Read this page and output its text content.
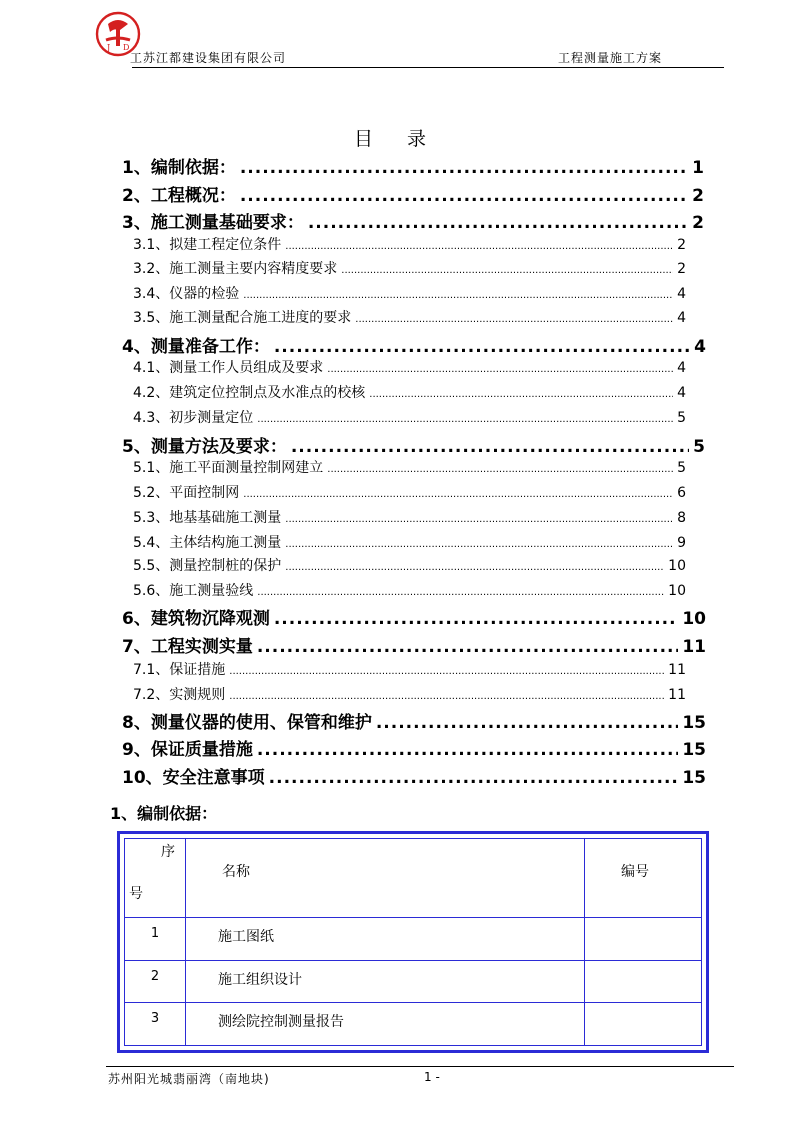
J D
工苏江都建设集团有限公司	工程测量施工方案
目 录
1、编制依据： .....	1
2、工程概况： .....	2
3、施工测量基础要求： .....	2
3.1、拟建工程定位条件 .....	2
3.2、施工测量主要内容精度要求 .....	2
3.4、仪器的检验 .....	4
3.5、施工测量配合施工进度的要求 .....	4
4、测量准备工作： .....	4
4.1、测量工作人员组成及要求 .....	4
4.2、建筑定位控制点及水准点的校核 .....	4
4.3、初步测量定位 .....	5
5、测量方法及要求： .....	5
5.1、施工平面测量控制网建立 .....	5
5.2、平面控制网 .....	6
5.3、地基基础施工测量 .....	8
5.4、主体结构施工测量 .....	9
5.5、测量控制桩的保护 .....	10
5.6、施工测量验线 .....	10
6、建筑物沉降观测 .....	10
7、工程实测实量 .....	11
7.1、保证措施 .....	11
7.2、实测规则 .....	11
8、测量仪器的使用、保管和维护 .....	15
9、保证质量措施 .....	15
10、安全注意事项 .....	15
1、编制依据：
序
号	名称	编号
1	施工图纸	
2	施工组织设计	
3	测绘院控制测量报告	
苏州阳光城翡丽湾（南地块)	1 -
